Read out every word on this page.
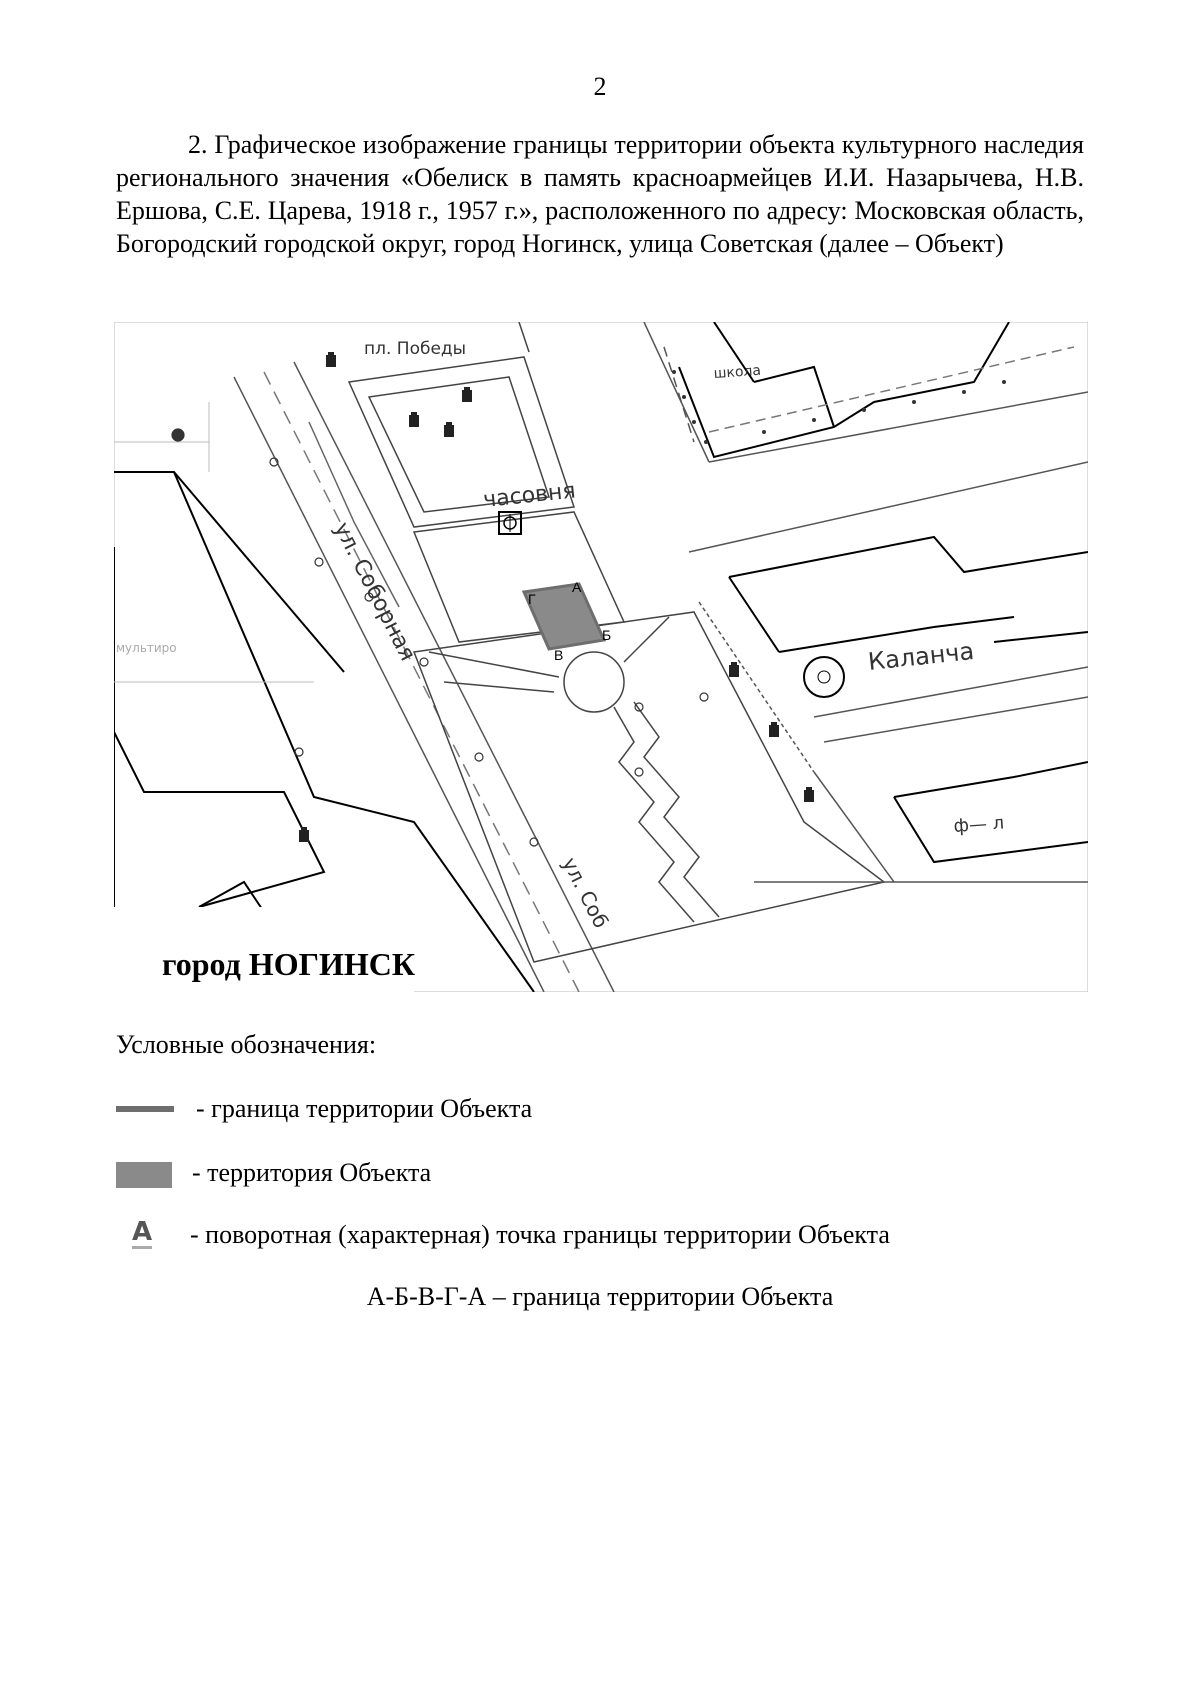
2

2. Графическое изображение границы территории объекта культурного наследия регионального значения «Обелиск в память красноармейцев И.И. Назарычева, Н.В. Ершова, С.Е. Царева, 1918 г., 1957 г.», расположенного по адресу: Московская область, Богородский городской округ, город Ногинск, улица Советская (далее – Объект)

А
Б
В
Г
пл. Победы
школа
часовня
ул. Соборная
ул. Соб
Каланча
ф— л
мультиро
город НОГИНСК
Условные обозначения:
- граница территории Объекта
- территория Объекта
А - поворотная (характерная) точка границы территории Объекта
А-Б-В-Г-А – граница территории Объекта
